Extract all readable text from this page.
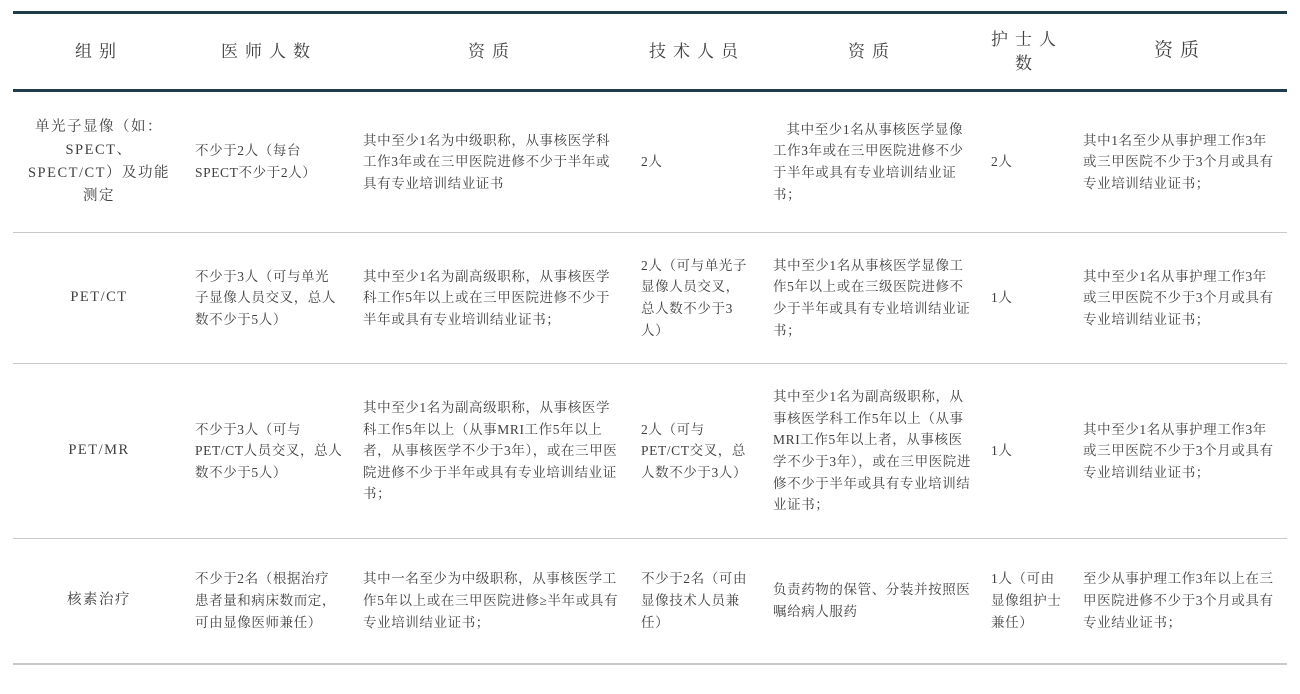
组别	医师人数	资质	技术人员	资质	护士人数	资质
单光子显像（如：SPECT、SPECT/CT）及功能测定	不少于2人（每台SPECT不少于2人）	其中至少1名为中级职称，从事核医学科工作3年或在三甲医院进修不少于半年或具有专业培训结业证书	2人	其中至少1名从事核医学显像工作3年或在三甲医院进修不少于半年或具有专业培训结业证书；	2人	其中1名至少从事护理工作3年或三甲医院不少于3个月或具有专业培训结业证书；
PET/CT	不少于3人（可与单光子显像人员交叉，总人数不少于5人）	其中至少1名为副高级职称，从事核医学科工作5年以上或在三甲医院进修不少于半年或具有专业培训结业证书；	2人（可与单光子显像人员交叉，总人数不少于3人）	其中至少1名从事核医学显像工作5年以上或在三级医院进修不少于半年或具有专业培训结业证书；	1人	其中至少1名从事护理工作3年或三甲医院不少于3个月或具有专业培训结业证书；
PET/MR	不少于3人（可与PET/CT人员交叉，总人数不少于5人）	其中至少1名为副高级职称，从事核医学科工作5年以上（从事MRI工作5年以上者，从事核医学不少于3年），或在三甲医院进修不少于半年或具有专业培训结业证书；	2人（可与PET/CT交叉，总人数不少于3人）	其中至少1名为副高级职称，从事核医学科工作5年以上（从事MRI工作5年以上者，从事核医学不少于3年），或在三甲医院进修不少于半年或具有专业培训结业证书；	1人	其中至少1名从事护理工作3年或三甲医院不少于3个月或具有专业培训结业证书；
核素治疗	不少于2名（根据治疗患者量和病床数而定，可由显像医师兼任）	其中一名至少为中级职称，从事核医学工作5年以上或在三甲医院进修≥半年或具有专业培训结业证书；	不少于2名（可由显像技术人员兼任）	负责药物的保管、分装并按照医嘱给病人服药	1人（可由显像组护士兼任）	至少从事护理工作3年以上在三甲医院进修不少于3个月或具有专业结业证书；
